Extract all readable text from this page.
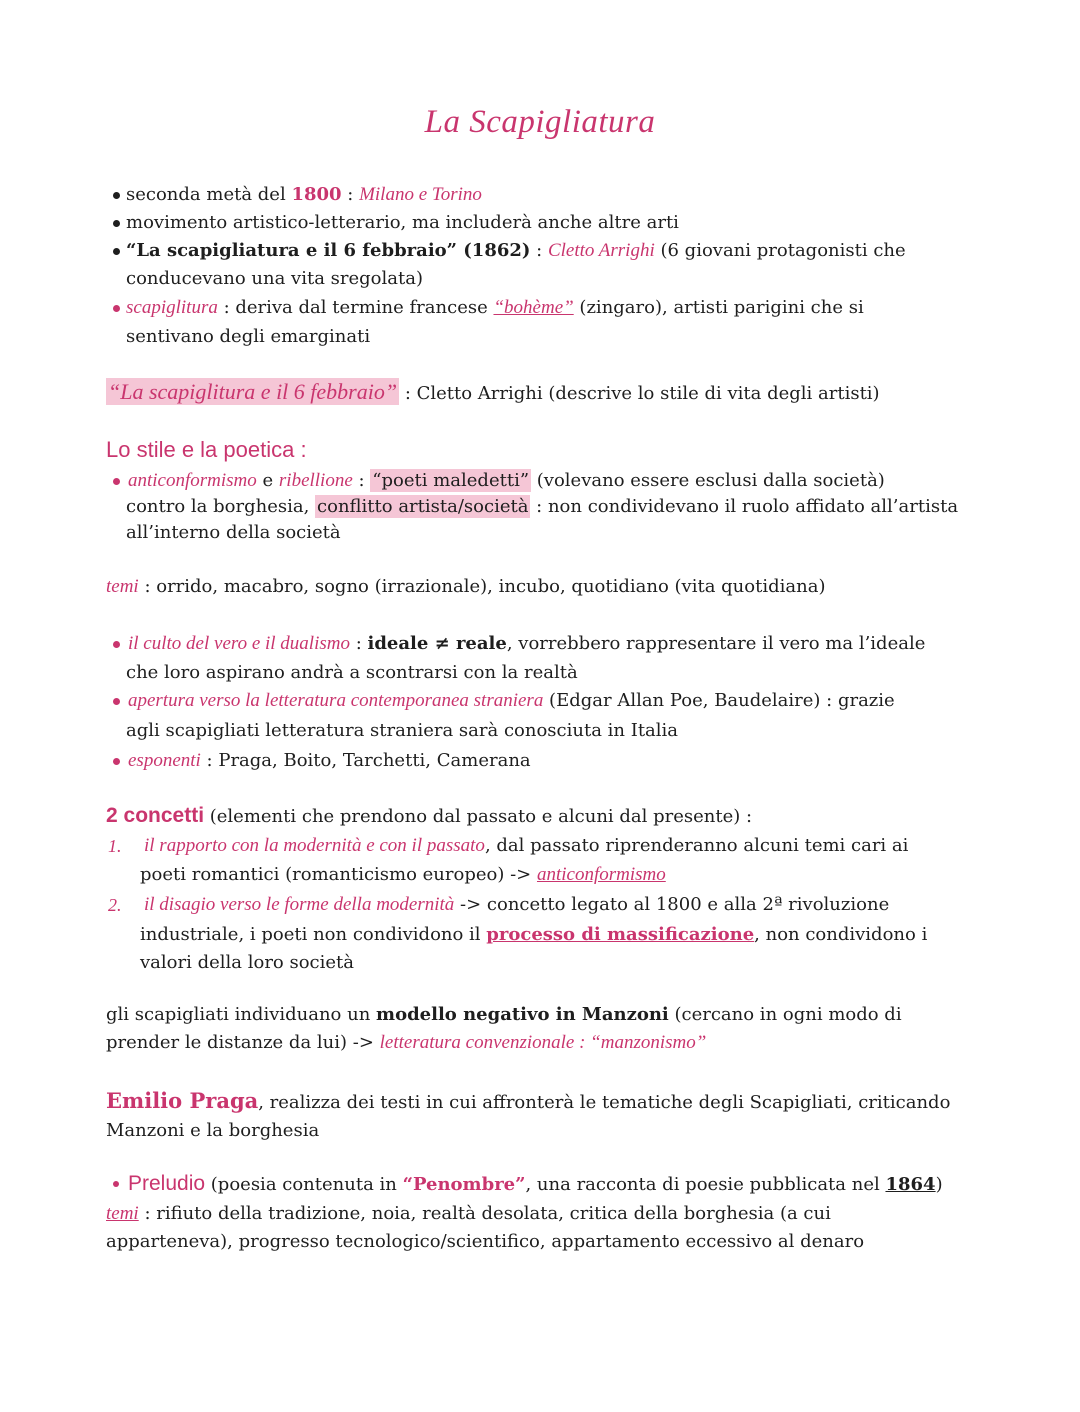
La Scapigliatura
seconda metà del 1800 : Milano e Torino
movimento artistico-letterario, ma includerà anche altre arti
“La scapigliatura e il 6 febbraio” (1862) : Cletto Arrighi (6 giovani protagonisti che
conducevano una vita sregolata)
scapiglitura : deriva dal termine francese “bohème” (zingaro), artisti parigini che si
sentivano degli emarginati
“La scapiglitura e il 6 febbraio” : Cletto Arrighi (descrive lo stile di vita degli artisti)
Lo stile e la poetica :
anticonformismo e ribellione : “poeti maledetti” (volevano essere esclusi dalla società)
contro la borghesia, conflitto artista/società : non condividevano il ruolo affidato all’artista
all’interno della società
temi : orrido, macabro, sogno (irrazionale), incubo, quotidiano (vita quotidiana)
il culto del vero e il dualismo : ideale ≠ reale, vorrebbero rappresentare il vero ma l’ideale
che loro aspirano andrà a scontrarsi con la realtà
apertura verso la letteratura contemporanea straniera (Edgar Allan Poe, Baudelaire) : grazie
agli scapigliati letteratura straniera sarà conosciuta in Italia
esponenti : Praga, Boito, Tarchetti, Camerana
2 concetti (elementi che prendono dal passato e alcuni dal presente) :
1. il rapporto con la modernità e con il passato, dal passato riprenderanno alcuni temi cari ai
poeti romantici (romanticismo europeo) -> anticonformismo
2. il disagio verso le forme della modernità -> concetto legato al 1800 e alla 2ª rivoluzione
industriale, i poeti non condividono il processo di massificazione, non condividono i
valori della loro società
gli scapigliati individuano un modello negativo in Manzoni (cercano in ogni modo di
prender le distanze da lui) -> letteratura convenzionale : “manzonismo”
Emilio Praga, realizza dei testi in cui affronterà le tematiche degli Scapigliati, criticando
Manzoni e la borghesia
Preludio (poesia contenuta in “Penombre”, una racconta di poesie pubblicata nel 1864)
temi : rifiuto della tradizione, noia, realtà desolata, critica della borghesia (a cui
apparteneva), progresso tecnologico/scientifico, appartamento eccessivo al denaro
